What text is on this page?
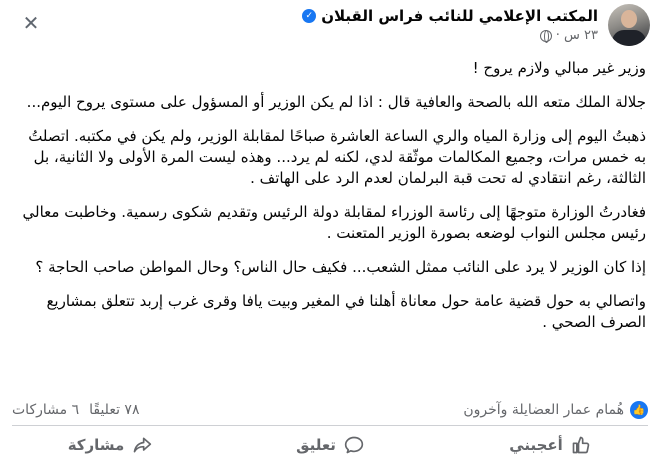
المكتب الإعلامي للنائب فراس القبلان
✓
٢٣ س ·
✕

وزير غير مبالي ولازم يروح !

جلالة الملك متعه الله بالصحة والعافية قال : اذا لم يكن الوزير أو المسؤول على مستوى يروح اليوم...

ذهبتُ اليوم إلى وزارة المياه والري الساعة العاشرة صباحًا لمقابلة الوزير، ولم يكن في مكتبه. اتصلتُ به خمس مرات، وجميع المكالمات موثّقة لدي، لكنه لم يرد... وهذه ليست المرة الأولى ولا الثانية، بل الثالثة، رغم انتقادي له تحت قبة البرلمان لعدم الرد على الهاتف .

فغادرتُ الوزارة متوجهًا إلى رئاسة الوزراء لمقابلة دولة الرئيس وتقديم شكوى رسمية. وخاطبت معالي رئيس مجلس النواب لوضعه بصورة الوزير المتعنت .

إذا كان الوزير لا يرد على النائب ممثل الشعب... فكيف حال الناس؟ وحال المواطن صاحب الحاجة ؟

واتصالي به حول قضية عامة حول معاناة أهلنا في المغير وبيت يافا وقرى غرب إربد تتعلق بمشاريع الصرف الصحي .

👍
هُمام عمار العضايلة وآخرون
٧٨ تعليقًا
٦ مشاركات
أعجبني
تعليق
مشاركة
